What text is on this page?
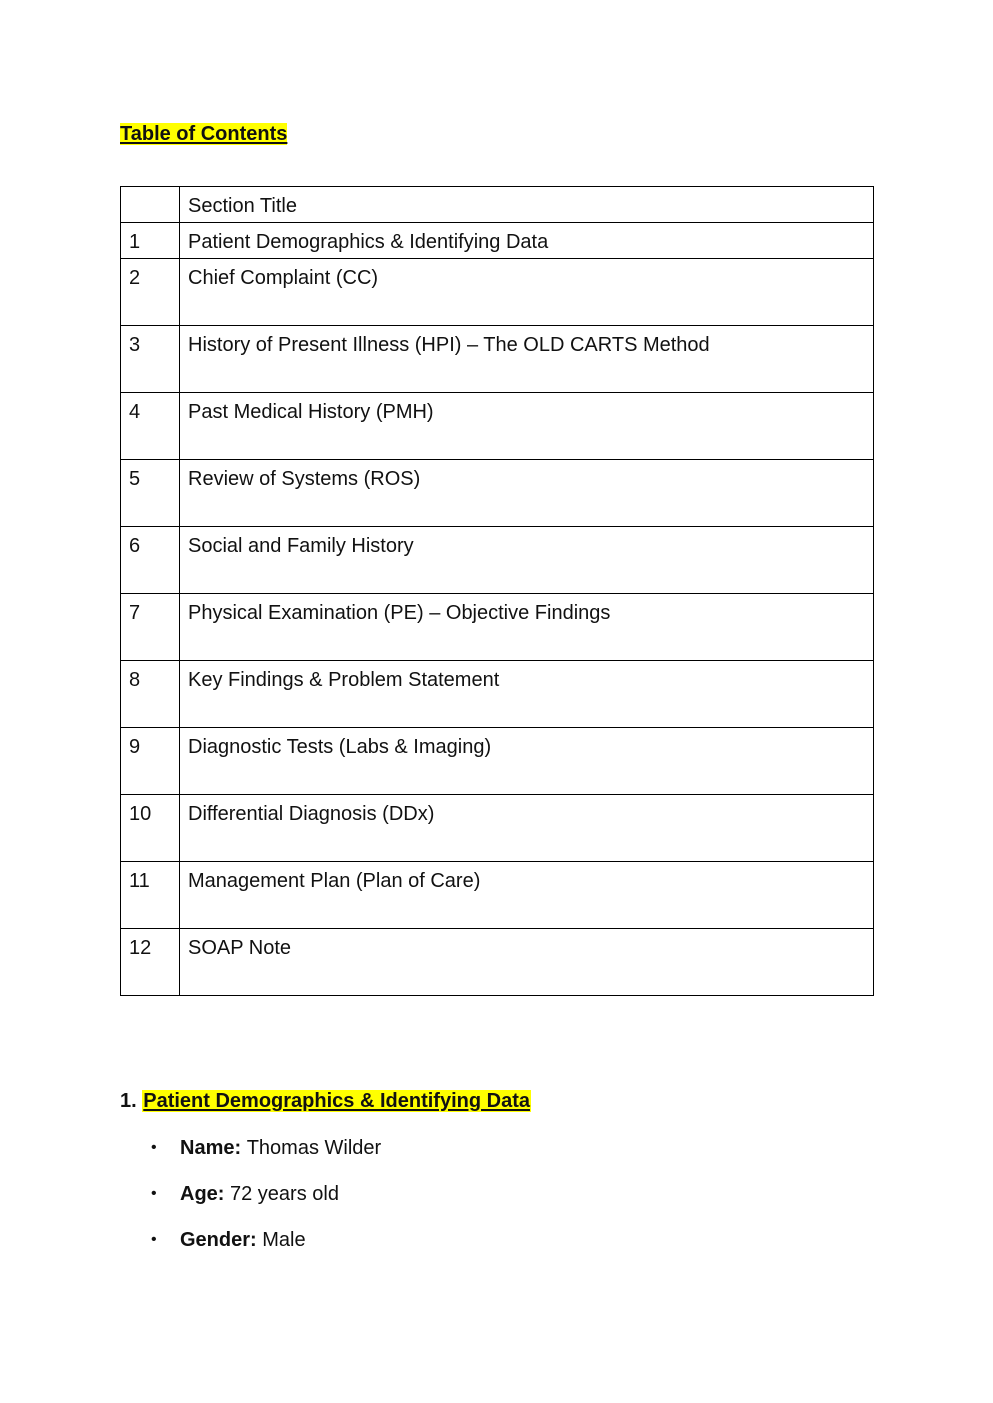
Table of Contents
	Section Title
1	Patient Demographics & Identifying Data
2	Chief Complaint (CC)
3	History of Present Illness (HPI) – The OLD CARTS Method
4	Past Medical History (PMH)
5	Review of Systems (ROS)
6	Social and Family History
7	Physical Examination (PE) – Objective Findings
8	Key Findings & Problem Statement
9	Diagnostic Tests (Labs & Imaging)
10	Differential Diagnosis (DDx)
11	Management Plan (Plan of Care)
12	SOAP Note
1. Patient Demographics & Identifying Data
• Name: Thomas Wilder
• Age: 72 years old
• Gender: Male
